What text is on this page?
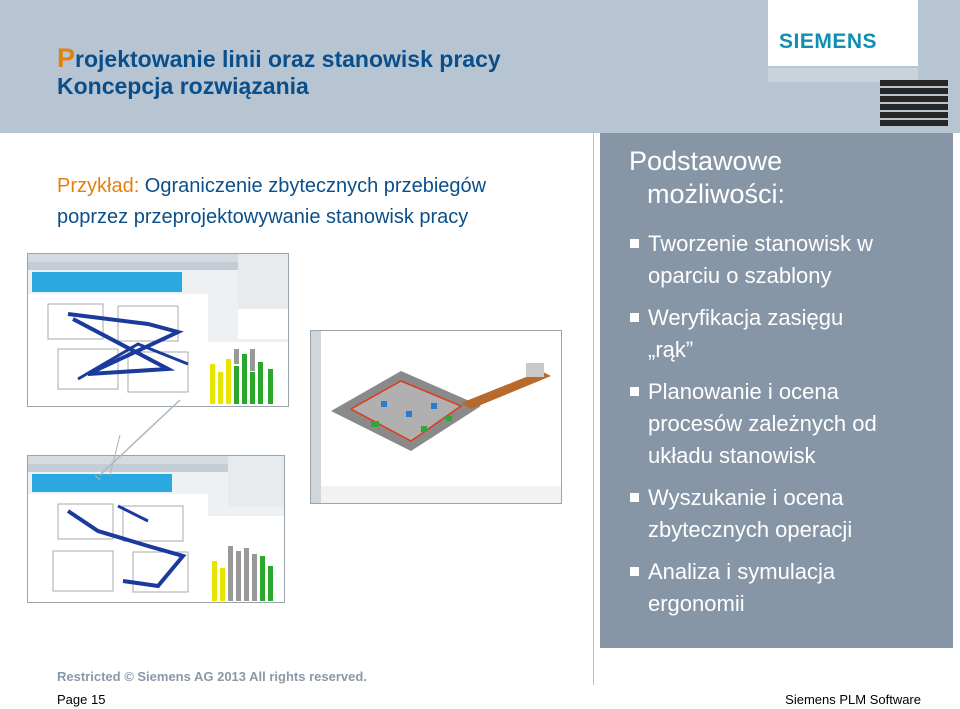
Projektowanie linii oraz stanowisk pracy
Koncepcja rozwiązania
SIEMENS
Przykład: Ograniczenie zbytecznych przebiegów
poprzez przeprojektowywanie stanowisk pracy
Podstawowe
możliwości:
Tworzenie stanowisk w
oparciu o szablony
Weryfikacja zasięgu
„rąk”
Planowanie i ocena
procesów zależnych od
układu stanowisk
Wyszukanie i ocena
zbytecznych operacji
Analiza i symulacja
ergonomii
Restricted © Siemens AG 2013 All rights reserved.
Page 15	Siemens PLM Software
